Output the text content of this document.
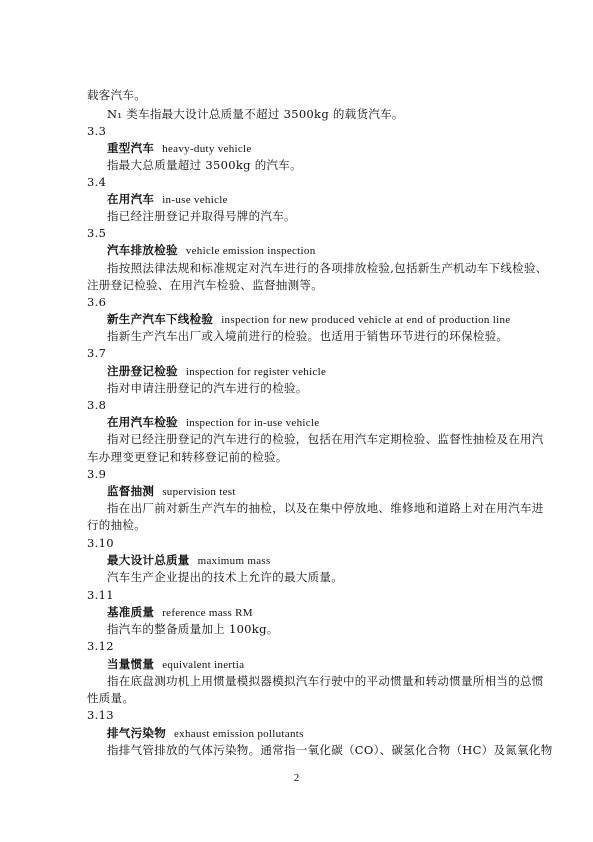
载客汽车。
N₁ 类车指最大设计总质量不超过 3500kg 的载货汽车。
3.3
重型汽车 heavy-duty vehicle
指最大总质量超过 3500kg 的汽车。
3.4
在用汽车 in-use vehicle
指已经注册登记并取得号牌的汽车。
3.5
汽车排放检验 vehicle emission inspection
指按照法律法规和标准规定对汽车进行的各项排放检验,包括新生产机动车下线检验、
注册登记检验、在用汽车检验、监督抽测等。
3.6
新生产汽车下线检验 inspection for new produced vehicle at end of production line
指新生产汽车出厂或入境前进行的检验。也适用于销售环节进行的环保检验。
3.7
注册登记检验 inspection for register vehicle
指对申请注册登记的汽车进行的检验。
3.8
在用汽车检验 inspection for in-use vehicle
指对已经注册登记的汽车进行的检验，包括在用汽车定期检验、监督性抽检及在用汽
车办理变更登记和转移登记前的检验。
3.9
监督抽测 supervision test
指在出厂前对新生产汽车的抽检，以及在集中停放地、维修地和道路上对在用汽车进
行的抽检。
3.10
最大设计总质量 maximum mass
汽车生产企业提出的技术上允许的最大质量。
3.11
基准质量 reference mass RM
指汽车的整备质量加上 100kg。
3.12
当量惯量 equivalent inertia
指在底盘测功机上用惯量模拟器模拟汽车行驶中的平动惯量和转动惯量所相当的总惯
性质量。
3.13
排气污染物 exhaust emission pollutants
指排气管排放的气体污染物。通常指一氧化碳（CO）、碳氢化合物（HC）及氮氧化物
2
